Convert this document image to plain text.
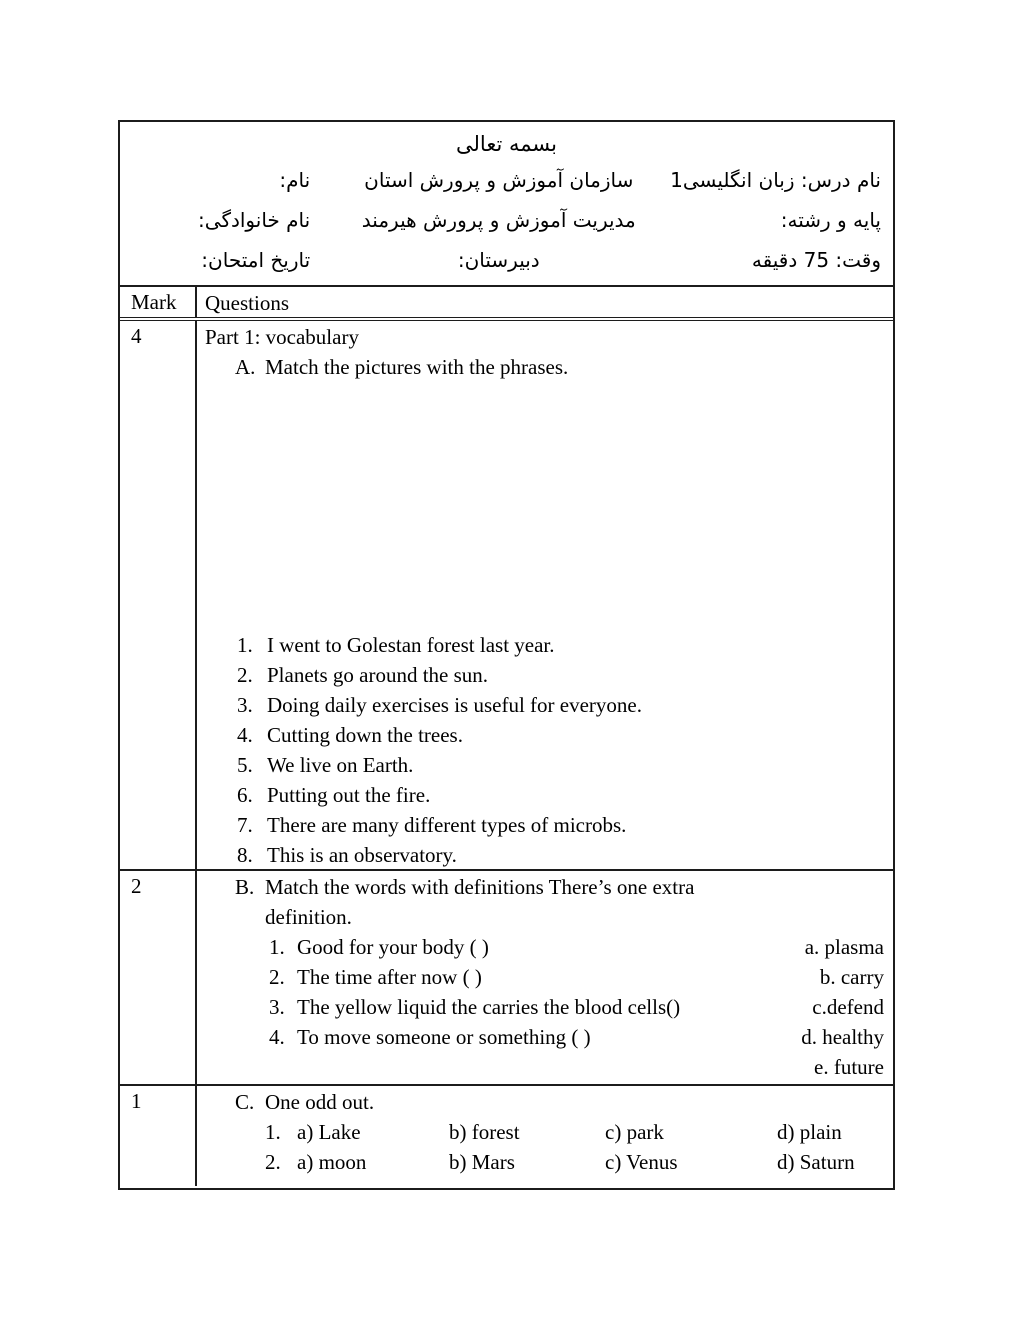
بسمه تعالی
نام درس: زبان انگلیسی1
پایه و رشته:
وقت: 75 دقیقه
سازمان آموزش و پرورش استان
مدیریت آموزش و پرورش هیرمند
دبیرستان:
نام:
نام خانوادگی:
تاریخ امتحان:
Mark	Questions
4	Part 1: vocabulary
A. Match the pictures with the phrases.
1. I went to Golestan forest last year.
2. Planets go around the sun.
3. Doing daily exercises is useful for everyone.
4. Cutting down the trees.
5. We live on Earth.
6. Putting out the fire.
7. There are many different types of microbs.
8. This is an observatory.
2	B. Match the words with definitions There’s one extra
definition.
1. Good for your body ( )	a. plasma
2. The time after now ( )	b. carry
3. The yellow liquid the carries the blood cells()	c.defend
4. To move someone or something ( )	d. healthy
e. future
1	C. One odd out.
1. a) Lake	b) forest	c) park	d) plain
2. a) moon	b) Mars	c) Venus	d) Saturn
